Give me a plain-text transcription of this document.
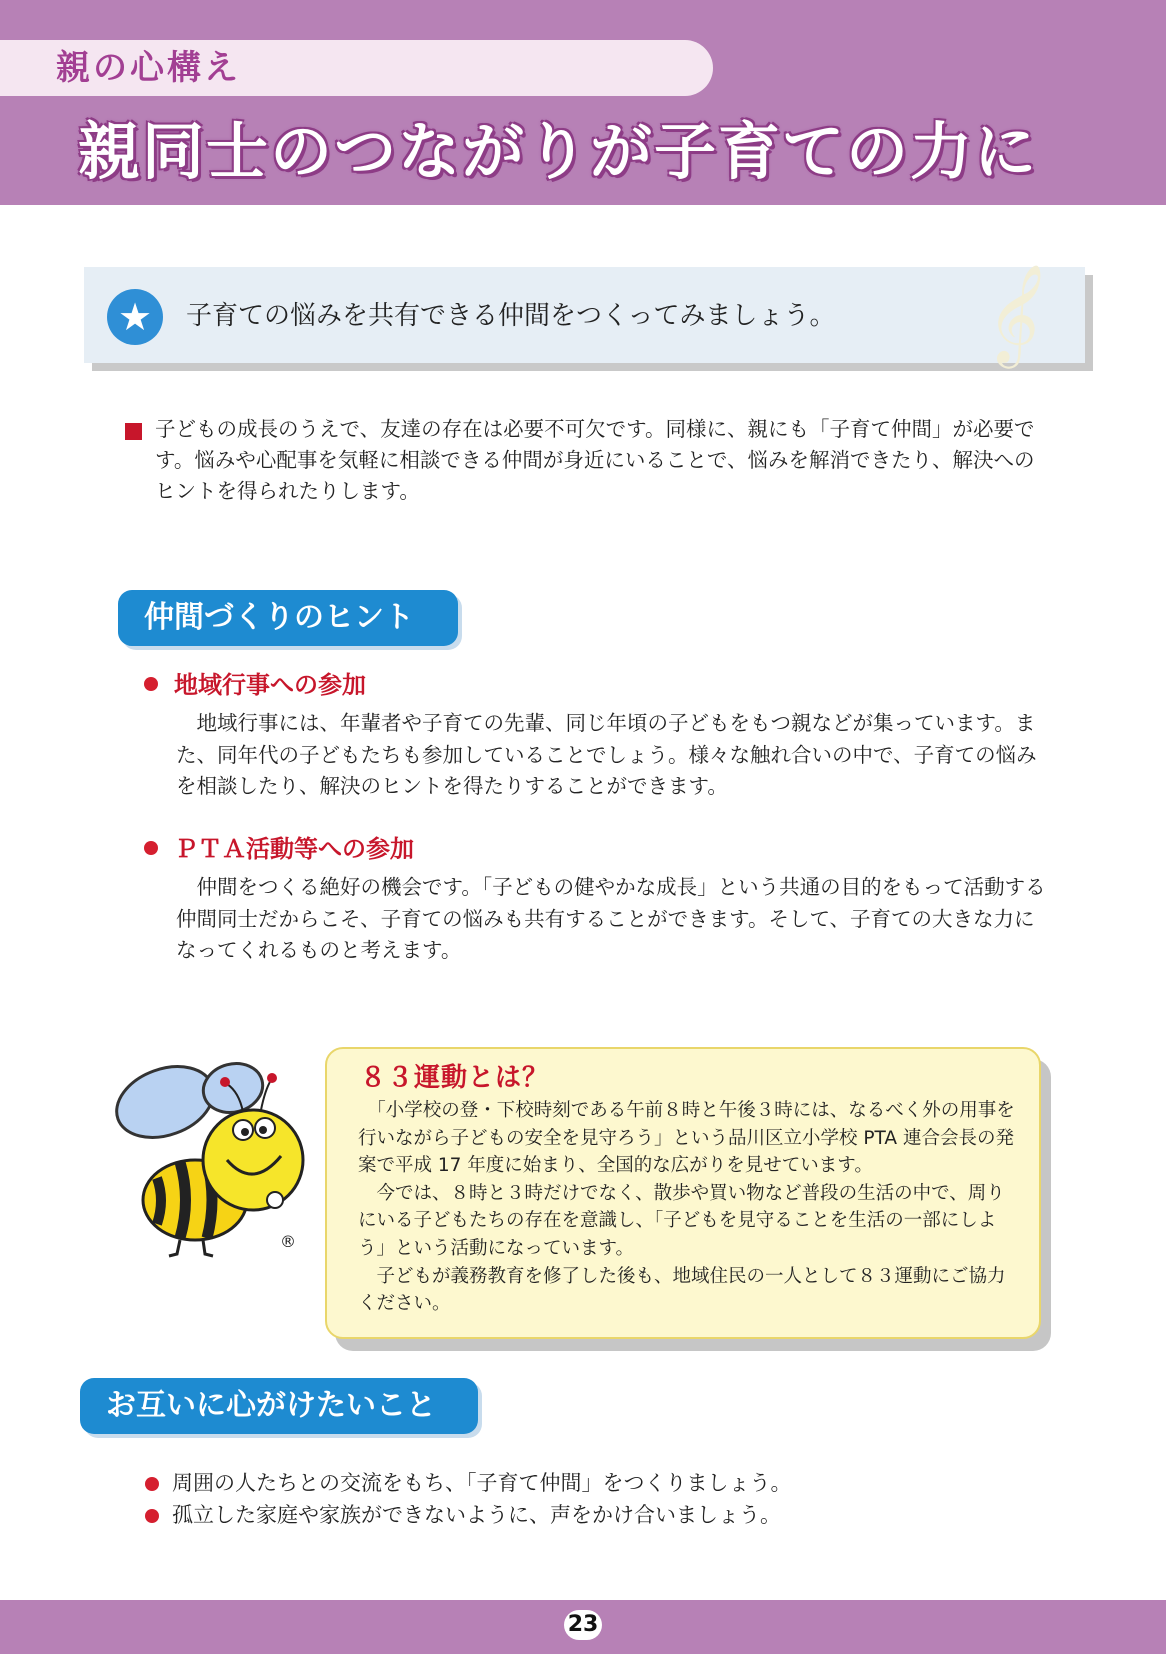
親の心構え
親同士のつながりが子育ての力に
★	子育ての悩みを共有できる仲間をつくってみましょう。 𝄞
子どもの成長のうえで、友達の存在は必要不可欠です。同様に、親にも「子育て仲間」が必要です。悩みや心配事を気軽に相談できる仲間が身近にいることで、悩みを解消できたり、解決へのヒントを得られたりします。
仲間づくりのヒント
地域行事への参加
　地域行事には、年輩者や子育ての先輩、同じ年頃の子どもをもつ親などが集っています。また、同年代の子どもたちも参加していることでしょう。様々な触れ合いの中で、子育ての悩みを相談したり、解決のヒントを得たりすることができます。
ＰＴＡ活動等への参加
　仲間をつくる絶好の機会です。「子どもの健やかな成長」という共通の目的をもって活動する仲間同士だからこそ、子育ての悩みも共有することができます。そして、子育ての大きな力になってくれるものと考えます。
®
８３運動とは？

　「小学校の登・下校時刻である午前８時と午後３時には、なるべく外の用事を行いながら子どもの安全を見守ろう」という品川区立小学校 PTA 連合会長の発案で平成 17 年度に始まり、全国的な広がりを見せています。

　今では、８時と３時だけでなく、散歩や買い物など普段の生活の中で、周りにいる子どもたちの存在を意識し、「子どもを見守ることを生活の一部にしよう」という活動になっています。

　子どもが義務教育を修了した後も、地域住民の一人として８３運動にご協力ください。

お互いに心がけたいこと
周囲の人たちとの交流をもち、「子育て仲間」をつくりましょう。
孤立した家庭や家族ができないように、声をかけ合いましょう。
23
